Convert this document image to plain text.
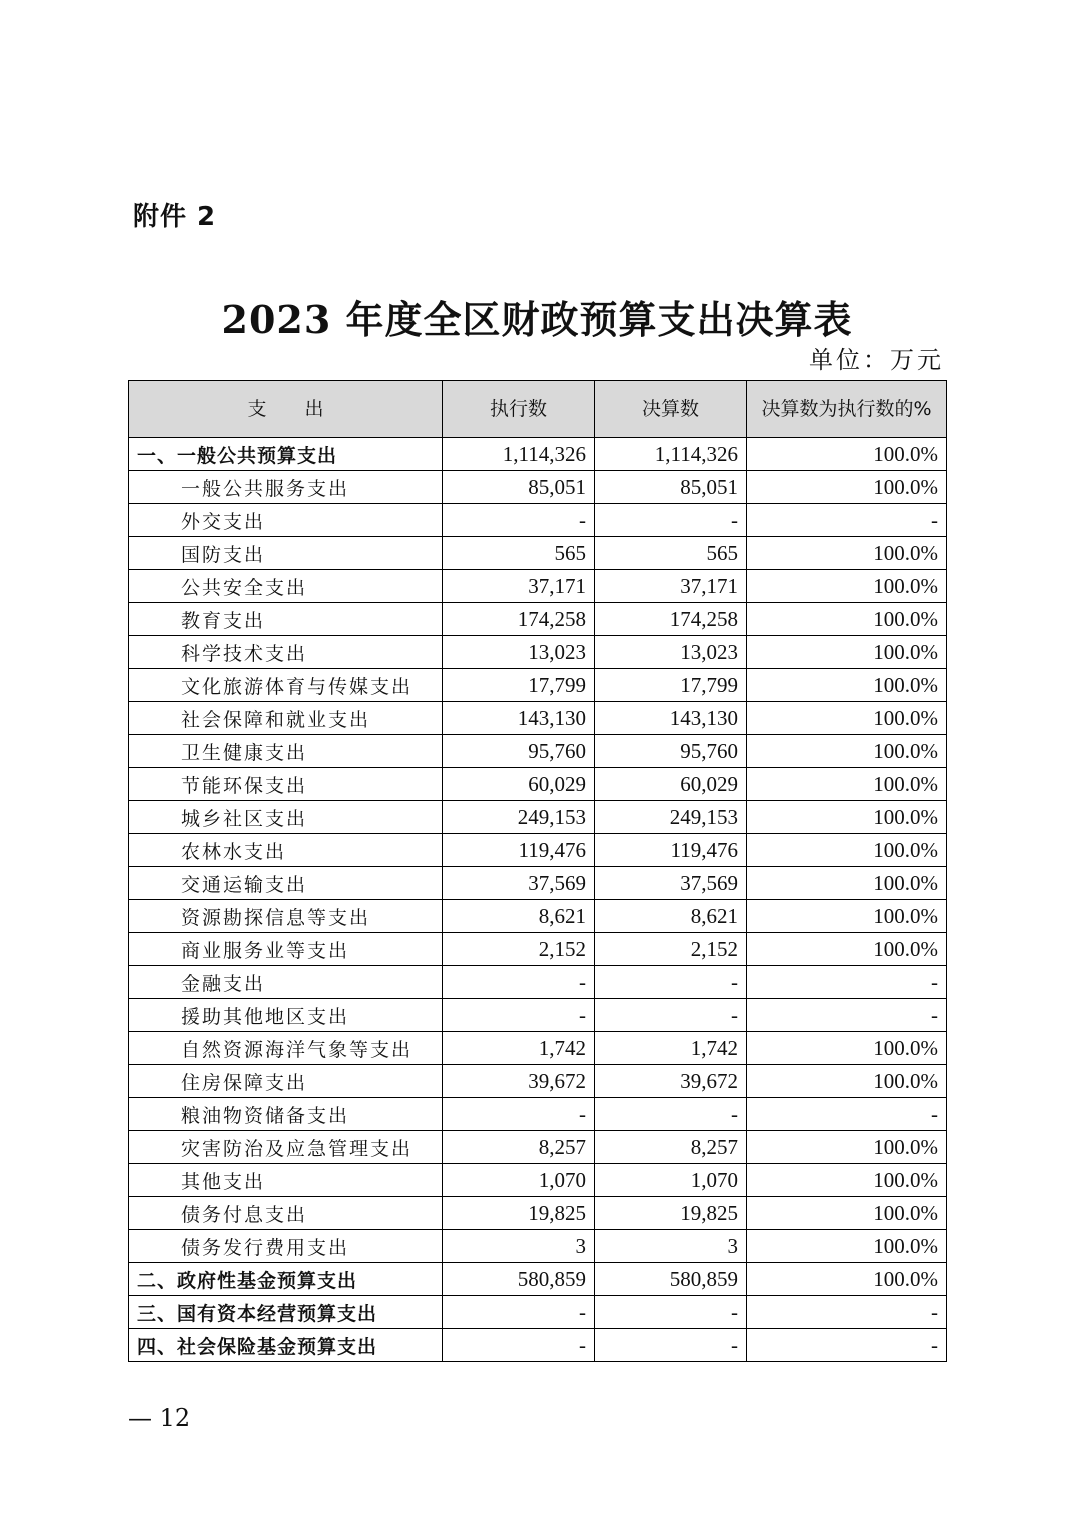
附件 2
2023 年度全区财政预算支出决算表
单位：万元
支　　出	执行数	决算数	决算数为执行数的%
一、一般公共预算支出	1,114,326	1,114,326	100.0%
一般公共服务支出	85,051	85,051	100.0%
外交支出	-	-	-
国防支出	565	565	100.0%
公共安全支出	37,171	37,171	100.0%
教育支出	174,258	174,258	100.0%
科学技术支出	13,023	13,023	100.0%
文化旅游体育与传媒支出	17,799	17,799	100.0%
社会保障和就业支出	143,130	143,130	100.0%
卫生健康支出	95,760	95,760	100.0%
节能环保支出	60,029	60,029	100.0%
城乡社区支出	249,153	249,153	100.0%
农林水支出	119,476	119,476	100.0%
交通运输支出	37,569	37,569	100.0%
资源勘探信息等支出	8,621	8,621	100.0%
商业服务业等支出	2,152	2,152	100.0%
金融支出	-	-	-
援助其他地区支出	-	-	-
自然资源海洋气象等支出	1,742	1,742	100.0%
住房保障支出	39,672	39,672	100.0%
粮油物资储备支出	-	-	-
灾害防治及应急管理支出	8,257	8,257	100.0%
其他支出	1,070	1,070	100.0%
债务付息支出	19,825	19,825	100.0%
债务发行费用支出	3	3	100.0%
二、政府性基金预算支出	580,859	580,859	100.0%
三、国有资本经营预算支出	-	-	-
四、社会保险基金预算支出	-	-	-
— 12
